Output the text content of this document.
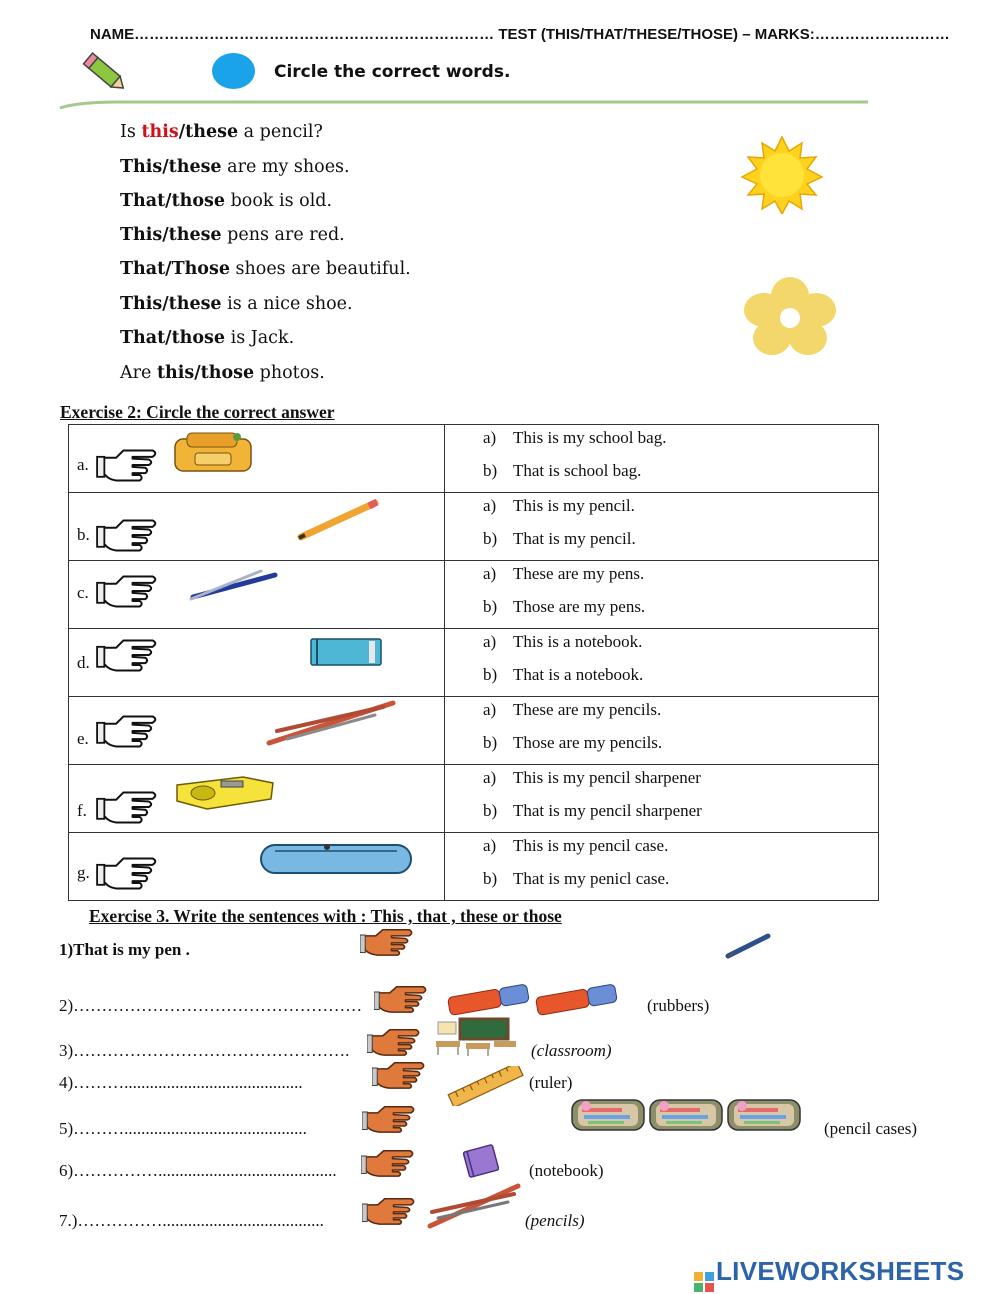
NAME……………………………………………………………… TEST (THIS/THAT/THESE/THOSE) – MARKS:………………………
Circle the correct words.
Is this/these a pencil?
This/these are my shoes.
That/those book is old.
This/these pens are red.
That/Those shoes are beautiful.
This/these is a nice shoe.
That/those is Jack.
Are this/those photos.
Exercise 2: Circle the correct answer
a.	a) This is my school bag.
b) That is school bag.

b.	a) This is my pencil.
b) That is my pencil.

c.	a) These are my pens.
b) Those are my pens.

d.	a) This is a notebook.
b) That is a notebook.

e.	a) These are my pencils.
b) Those are my pencils.

f.	a) This is my pencil sharpener
b) That is my pencil sharpener

g.	a) This is my pencil case.
b) That is my penicl case.
Exercise 3. Write the sentences with : This , that , these or those
1)That is my pen .
2)……………………………………………	(rubbers)
3)………………………………………….	(classroom)
4)………..........................................	(ruler)
5)………...........................................	(pencil cases)
6)……………..........................................	(notebook)
7.)……………......................................	(pencils)
LIVEWORKSHEETS
